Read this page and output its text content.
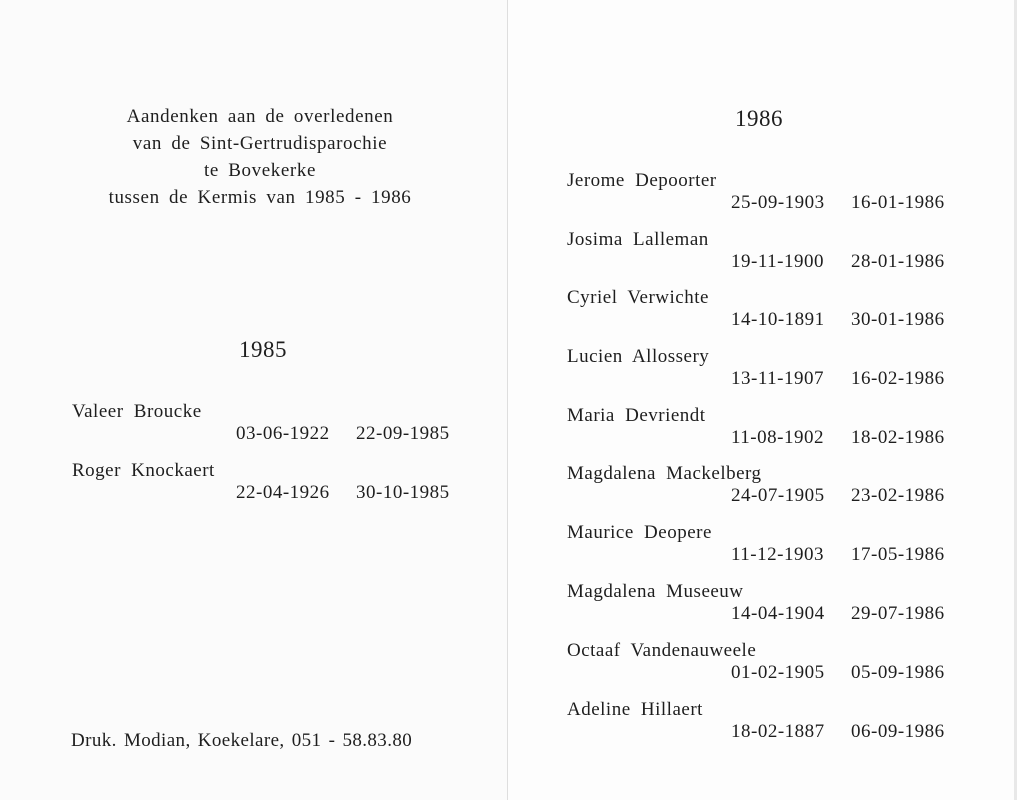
Aandenken aan de overledenen
van de Sint-Gertrudisparochie
te Bovekerke
tussen de Kermis van 1985 - 1986
1985
Valeer Broucke
03-06-1922 22-09-1985
Roger Knockaert
22-04-1926 30-10-1985
Druk. Modian, Koekelare, 051 - 58.83.80
1986
Jerome Depoorter
25-09-1903 16-01-1986
Josima Lalleman
19-11-1900 28-01-1986
Cyriel Verwichte
14-10-1891 30-01-1986
Lucien Allossery
13-11-1907 16-02-1986
Maria Devriendt
11-08-1902 18-02-1986
Magdalena Mackelberg
24-07-1905 23-02-1986
Maurice Deopere
11-12-1903 17-05-1986
Magdalena Museeuw
14-04-1904 29-07-1986
Octaaf Vandenauweele
01-02-1905 05-09-1986
Adeline Hillaert
18-02-1887 06-09-1986
